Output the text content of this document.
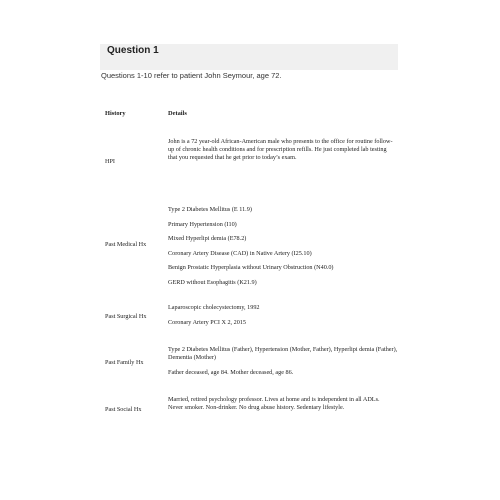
Question 1
Questions 1-10 refer to patient John Seymour, age 72.
History	Details
HPI
John is a 72 year-old African-American male who presents to the office for routine follow-up of chronic health conditions and for prescription refills. He just completed lab testing that you requested that he get prior to today’s exam.
Past Medical Hx
Type 2 Diabetes Mellitus (E 11.9)
Primary Hypertension (I10)
Mixed Hyperlipi demia (E78.2)
Coronary Artery Disease (CAD) in Native Artery (I25.10)
Benign Prostatic Hyperplasia without Urinary Obstruction (N40.0)
GERD without Esophagitis (K21.9)
Past Surgical Hx
Laparoscopic cholecystectomy, 1992
Coronary Artery PCI X 2, 2015
Past Family Hx
Type 2 Diabetes Mellitus (Father), Hypertension (Mother, Father), Hyperlipi demia (Father), Dementia (Mother)
Father deceased, age 84. Mother deceased, age 86.
Past Social Hx
Married, retired psychology professor. Lives at home and is independent in all ADLs. Never smoker. Non-drinker. No drug abuse history. Sedentary lifestyle.
